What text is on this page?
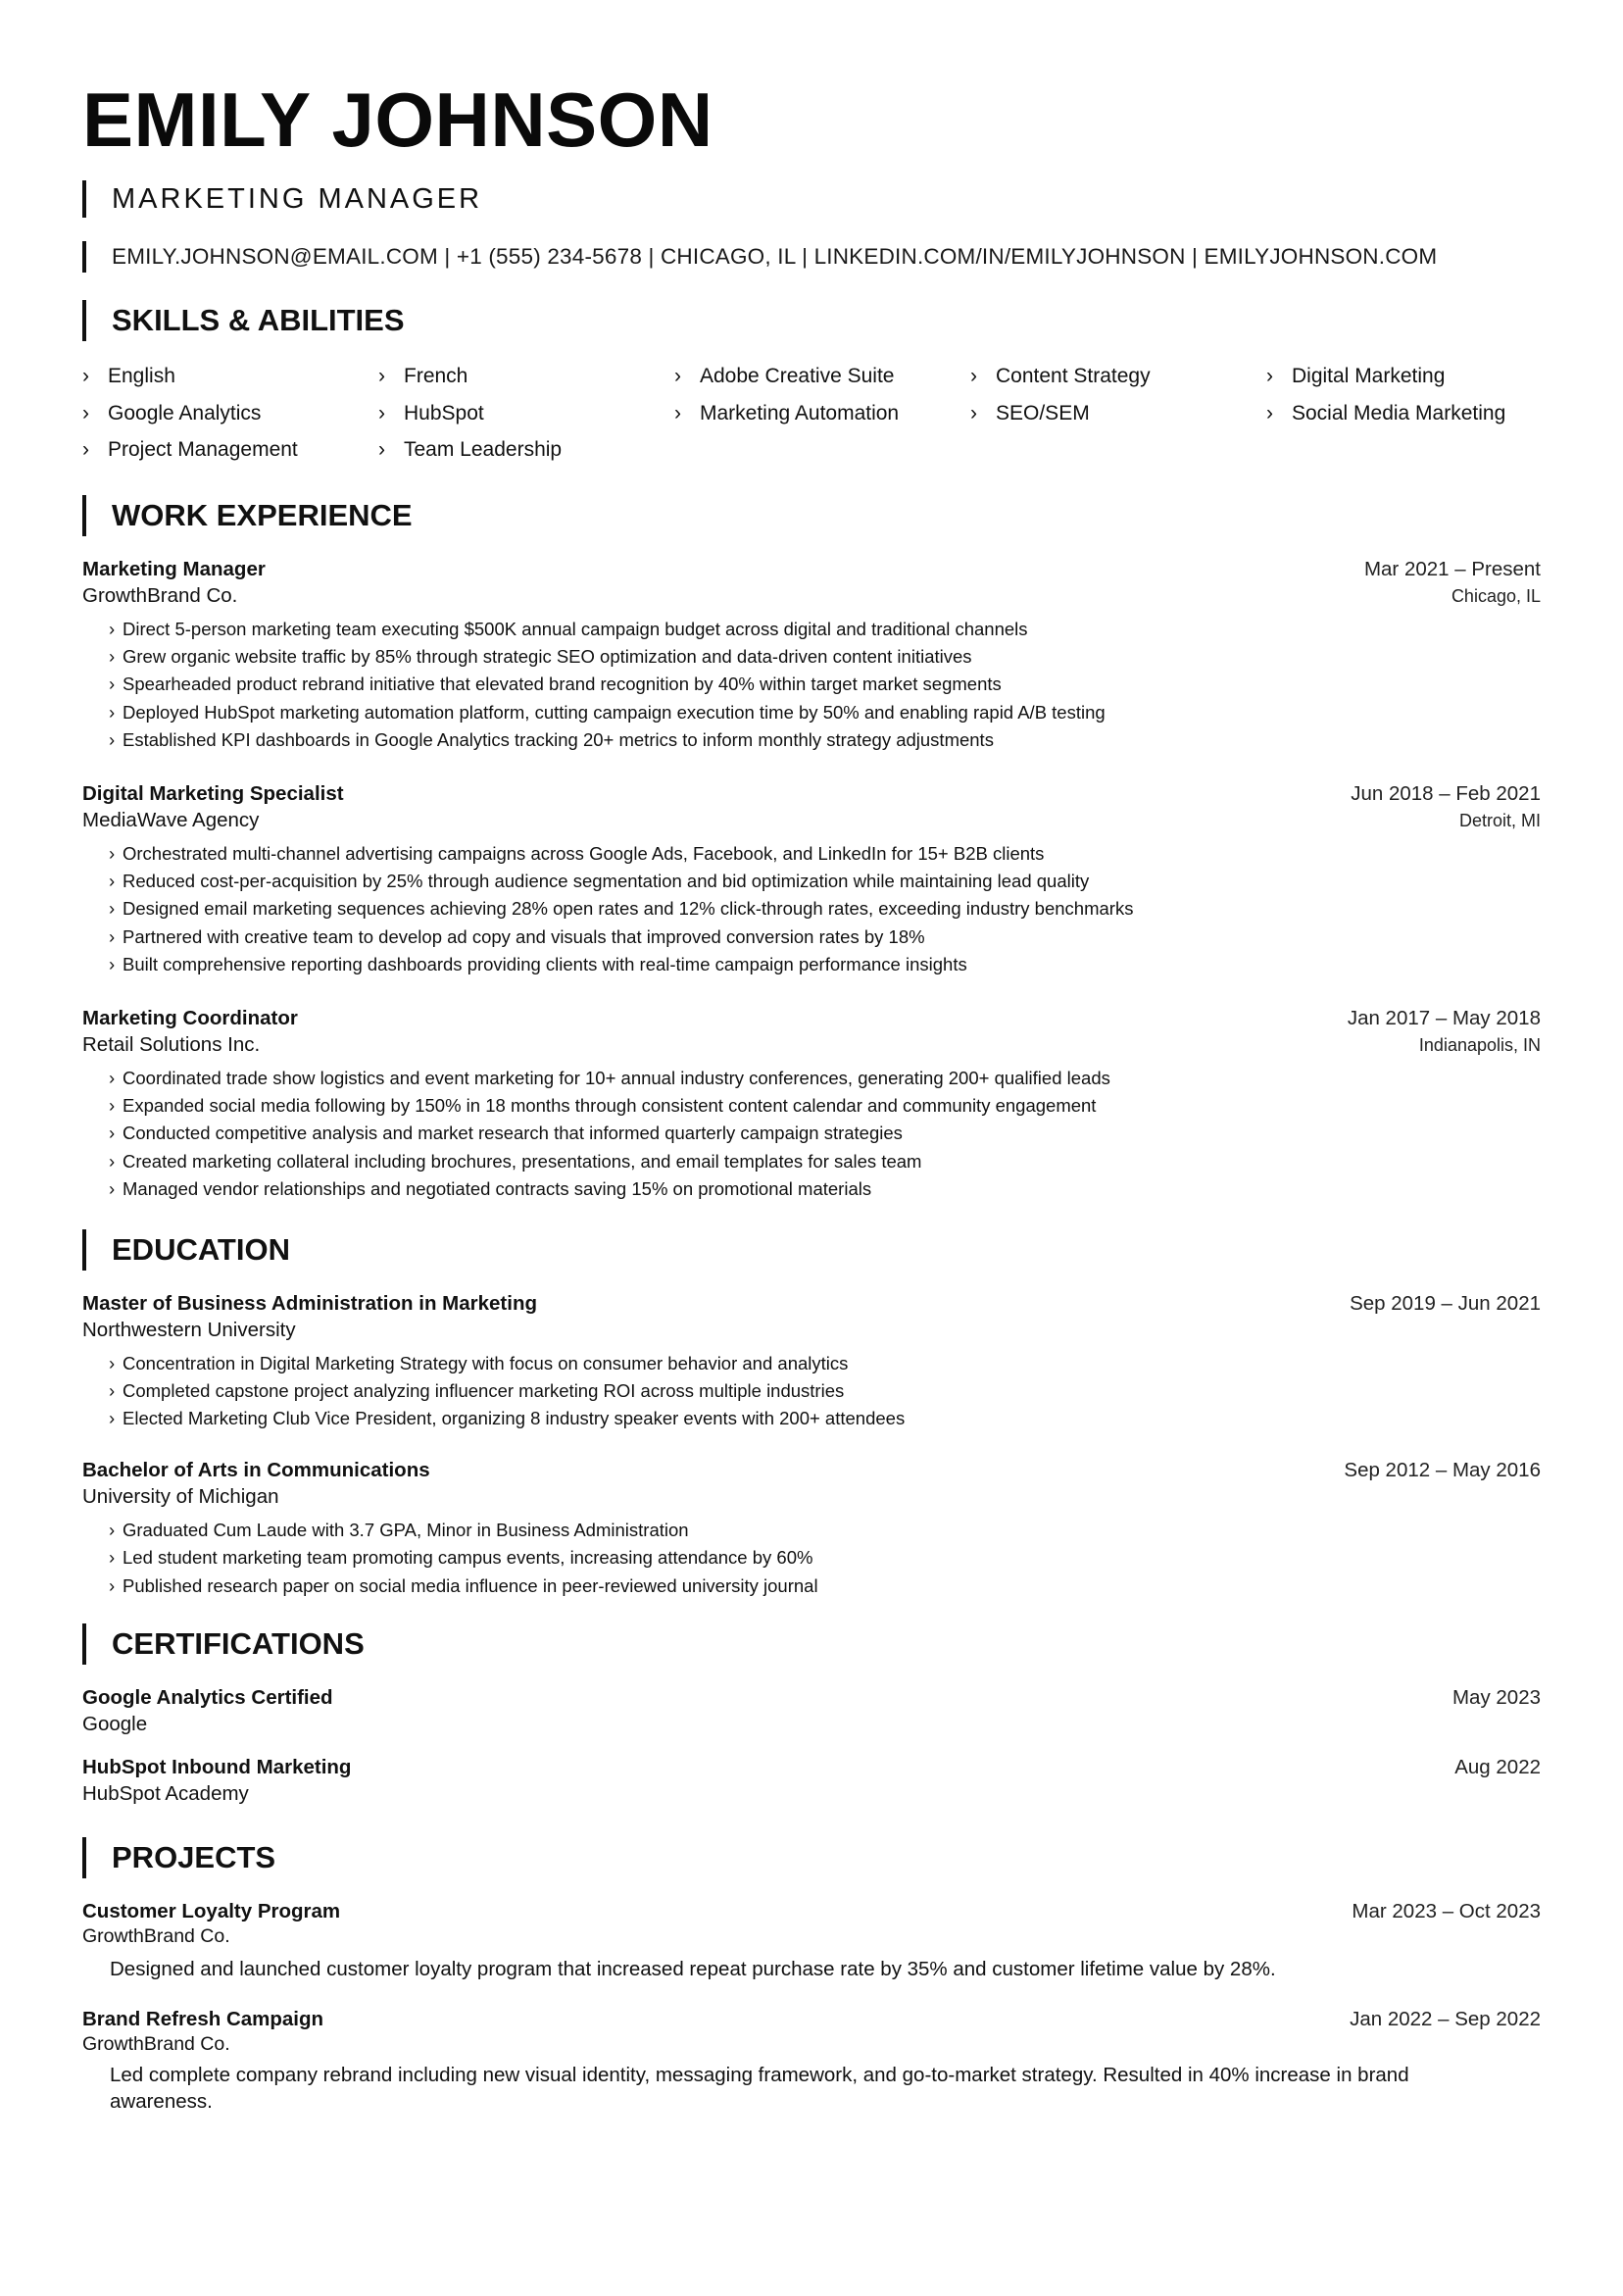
EMILY JOHNSON
MARKETING MANAGER
EMILY.JOHNSON@EMAIL.COM | +1 (555) 234-5678 | CHICAGO, IL | LINKEDIN.COM/IN/EMILYJOHNSON | EMILYJOHNSON.COM
SKILLS & ABILITIES
› English	› French	› Adobe Creative Suite	› Content Strategy	› Digital Marketing
› Google Analytics	› HubSpot	› Marketing Automation	› SEO/SEM	› Social Media Marketing
› Project Management	› Team Leadership
WORK EXPERIENCE
Marketing Manager	Mar 2021 – Present
GrowthBrand Co.	Chicago, IL
› Direct 5-person marketing team executing $500K annual campaign budget across digital and traditional channels
› Grew organic website traffic by 85% through strategic SEO optimization and data-driven content initiatives
› Spearheaded product rebrand initiative that elevated brand recognition by 40% within target market segments
› Deployed HubSpot marketing automation platform, cutting campaign execution time by 50% and enabling rapid A/B testing
› Established KPI dashboards in Google Analytics tracking 20+ metrics to inform monthly strategy adjustments
Digital Marketing Specialist	Jun 2018 – Feb 2021
MediaWave Agency	Detroit, MI
› Orchestrated multi-channel advertising campaigns across Google Ads, Facebook, and LinkedIn for 15+ B2B clients
› Reduced cost-per-acquisition by 25% through audience segmentation and bid optimization while maintaining lead quality
› Designed email marketing sequences achieving 28% open rates and 12% click-through rates, exceeding industry benchmarks
› Partnered with creative team to develop ad copy and visuals that improved conversion rates by 18%
› Built comprehensive reporting dashboards providing clients with real-time campaign performance insights
Marketing Coordinator	Jan 2017 – May 2018
Retail Solutions Inc.	Indianapolis, IN
› Coordinated trade show logistics and event marketing for 10+ annual industry conferences, generating 200+ qualified leads
› Expanded social media following by 150% in 18 months through consistent content calendar and community engagement
› Conducted competitive analysis and market research that informed quarterly campaign strategies
› Created marketing collateral including brochures, presentations, and email templates for sales team
› Managed vendor relationships and negotiated contracts saving 15% on promotional materials
EDUCATION
Master of Business Administration in Marketing	Sep 2019 – Jun 2021
Northwestern University
› Concentration in Digital Marketing Strategy with focus on consumer behavior and analytics
› Completed capstone project analyzing influencer marketing ROI across multiple industries
› Elected Marketing Club Vice President, organizing 8 industry speaker events with 200+ attendees
Bachelor of Arts in Communications	Sep 2012 – May 2016
University of Michigan
› Graduated Cum Laude with 3.7 GPA, Minor in Business Administration
› Led student marketing team promoting campus events, increasing attendance by 60%
› Published research paper on social media influence in peer-reviewed university journal
CERTIFICATIONS
Google Analytics Certified	May 2023
Google
HubSpot Inbound Marketing	Aug 2022
HubSpot Academy
PROJECTS
Customer Loyalty Program	Mar 2023 – Oct 2023
GrowthBrand Co.
Designed and launched customer loyalty program that increased repeat purchase rate by 35% and customer lifetime value by 28%.
Brand Refresh Campaign	Jan 2022 – Sep 2022
GrowthBrand Co.
Led complete company rebrand including new visual identity, messaging framework, and go-to-market strategy. Resulted in 40% increase in brand awareness.
